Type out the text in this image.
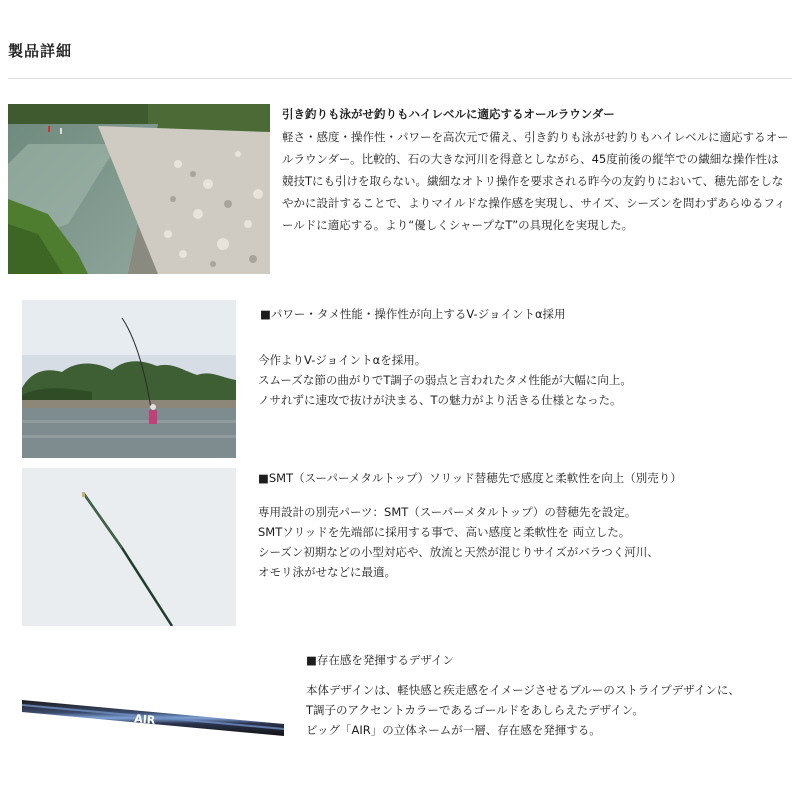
製品詳細
引き釣りも泳がせ釣りもハイレベルに適応するオールラウンダー
軽さ・感度・操作性・パワーを高次元で備え、引き釣りも泳がせ釣りもハイレベルに適応するオールラウンダー。比較的、石の大きな河川を得意としながら、45度前後の縦竿での繊細な操作性は競技Tにも引けを取らない。繊細なオトリ操作を要求される昨今の友釣りにおいて、穂先部をしなやかに設計することで、よりマイルドな操作感を実現し、サイズ、シーズンを問わずあらゆるフィールドに適応する。より“優しくシャープなT”の具現化を実現した。
■パワー・タメ性能・操作性が向上するV-ジョイントα採用
今作よりV-ジョイントαを採用。
スムーズな節の曲がりでT調子の弱点と言われたタメ性能が大幅に向上。
ノサれずに速攻で抜けが決まる、Tの魅力がより活きる仕様となった。
■SMT（スーパーメタルトップ）ソリッド替穂先で感度と柔軟性を向上（別売り）
専用設計の別売パーツ：SMT（スーパーメタルトップ）の替穂先を設定。
SMTソリッドを先端部に採用する事で、高い感度と柔軟性を 両立した。
シーズン初期などの小型対応や、放流と天然が混じりサイズがバラつく河川、
オモリ泳がせなどに最適。
AIR
■存在感を発揮するデザイン
本体デザインは、軽快感と疾走感をイメージさせるブルーのストライプデザインに、
T調子のアクセントカラーであるゴールドをあしらえたデザイン。
ビッグ「AIR」の立体ネームが一層、存在感を発揮する。
